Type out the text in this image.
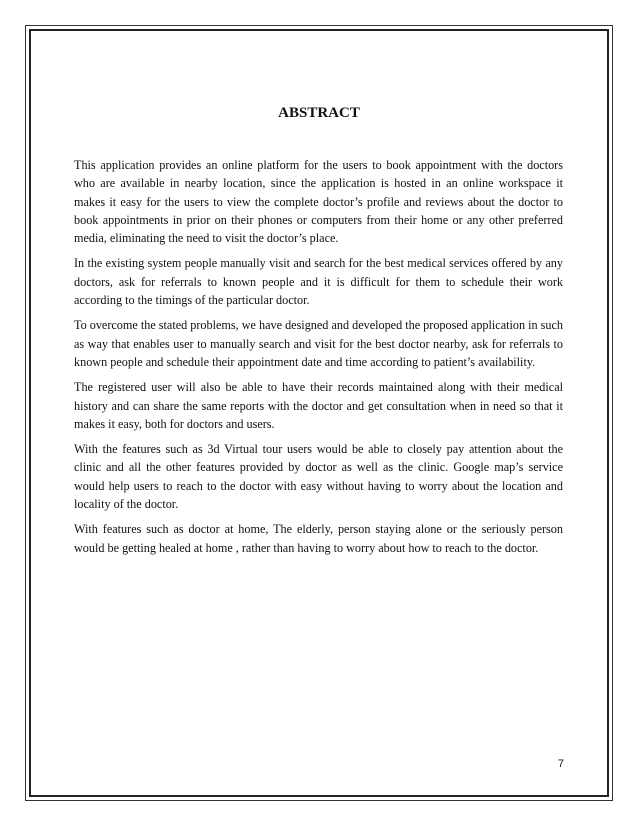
ABSTRACT

This application provides an online platform for the users to book appointment with the doctors who are available in nearby location, since the application is hosted in an online workspace it makes it easy for the users to view the complete doctor’s profile and reviews about the doctor to book appointments in prior on their phones or computers from their home or any other preferred media, eliminating the need to visit the doctor’s place.

In the existing system people manually visit and search for the best medical services offered by any doctors, ask for referrals to known people and it is difficult for them to schedule their work according to the timings of the particular doctor.

To overcome the stated problems, we have designed and developed the proposed application in such as way that enables user to manually search and visit for the best doctor nearby, ask for referrals to known people and schedule their appointment date and time according to patient’s availability.

The registered user will also be able to have their records maintained along with their medical history and can share the same reports with the doctor and get consultation when in need so that it makes it easy, both for doctors and users.

With the features such as 3d Virtual tour users would be able to closely pay attention about the clinic and all the other features provided by doctor as well as the clinic. Google map’s service would help users to reach to the doctor with easy without having to worry about the location and locality of the doctor.

With features such as doctor at home, The elderly, person staying alone or the seriously person would be getting healed at home , rather than having to worry about how to reach to the doctor.

7
